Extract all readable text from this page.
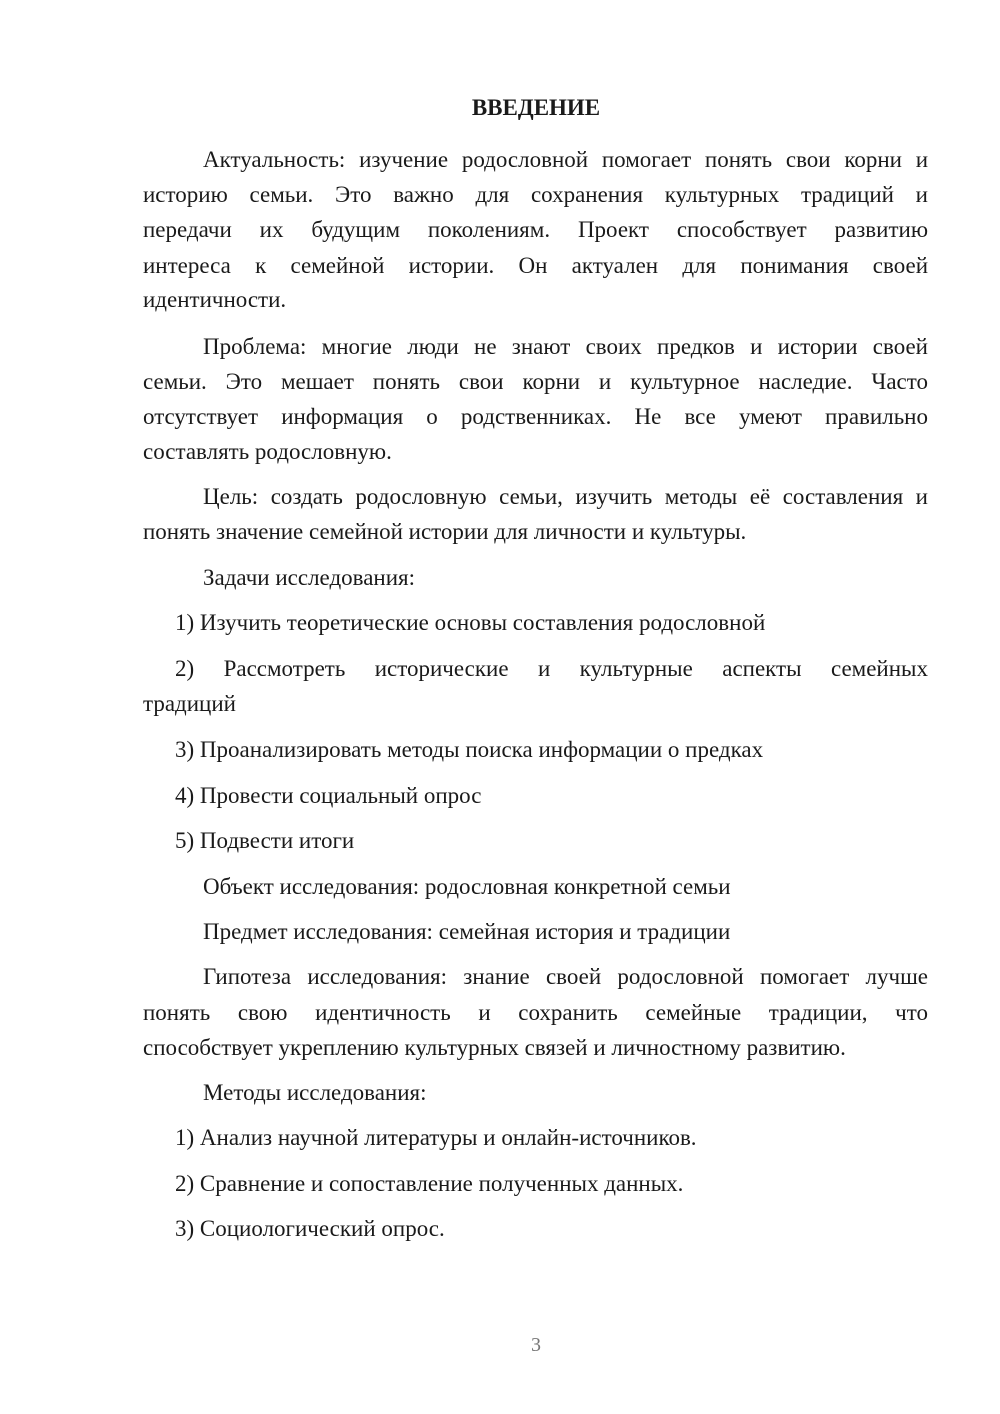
ВВЕДЕНИЕ
Актуальность: изучение родословной помогает понять свои корни и
историю семьи. Это важно для сохранения культурных традиций и
передачи их будущим поколениям. Проект способствует развитию
интереса к семейной истории. Он актуален для понимания своей
идентичности.
Проблема: многие люди не знают своих предков и истории своей
семьи. Это мешает понять свои корни и культурное наследие. Часто
отсутствует информация о родственниках. Не все умеют правильно
составлять родословную.
Цель: создать родословную семьи, изучить методы её составления и
понять значение семейной истории для личности и культуры.
Задачи исследования:
1) Изучить теоретические основы составления родословной
2) Рассмотреть исторические и культурные аспекты семейных
традиций
3) Проанализировать методы поиска информации о предках
4) Провести социальный опрос
5) Подвести итоги
Объект исследования: родословная конкретной семьи
Предмет исследования: семейная история и традиции
Гипотеза исследования: знание своей родословной помогает лучше
понять свою идентичность и сохранить семейные традиции, что
способствует укреплению культурных связей и личностному развитию.
Методы исследования:
1) Анализ научной литературы и онлайн-источников.
2) Сравнение и сопоставление полученных данных.
3) Социологический опрос.
3
